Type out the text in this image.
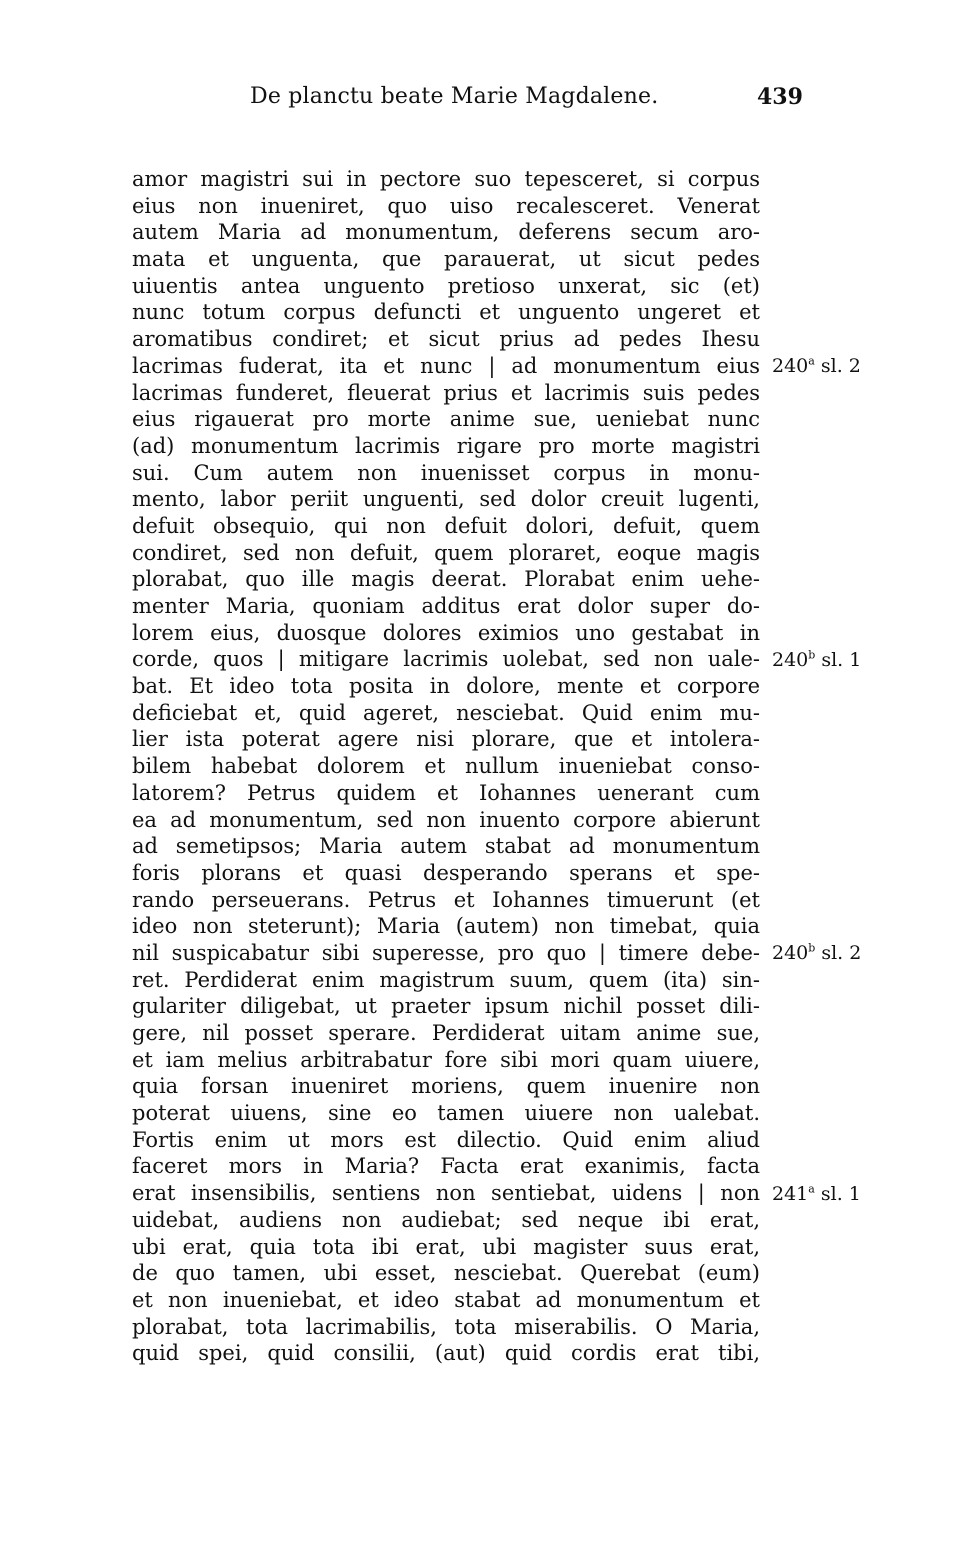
De planctu beate Marie Magdalene.	439
amor magistri sui in pectore suo tepesceret, si corpus
eius non inueniret, quo uiso recalesceret. Venerat
autem Maria ad monumentum, deferens secum aro-
mata et unguenta, que parauerat, ut sicut pedes
uiuentis antea unguento pretioso unxerat, sic (et)
nunc totum corpus defuncti et unguento ungeret et
aromatibus condiret; et sicut prius ad pedes Ihesu
lacrimas fuderat, ita et nunc | ad monumentum eius
lacrimas funderet, fleuerat prius et lacrimis suis pedes
eius rigauerat pro morte anime sue, ueniebat nunc
(ad) monumentum lacrimis rigare pro morte magistri
sui. Cum autem non inuenisset corpus in monu-
mento, labor periit unguenti, sed dolor creuit lugenti,
defuit obsequio, qui non defuit dolori, defuit, quem
condiret, sed non defuit, quem ploraret, eoque magis
plorabat, quo ille magis deerat. Plorabat enim uehe-
menter Maria, quoniam additus erat dolor super do-
lorem eius, duosque dolores eximios uno gestabat in
corde, quos | mitigare lacrimis uolebat, sed non uale-
bat. Et ideo tota posita in dolore, mente et corpore
deficiebat et, quid ageret, nesciebat. Quid enim mu-
lier ista poterat agere nisi plorare, que et intolera-
bilem habebat dolorem et nullum inueniebat conso-
latorem? Petrus quidem et Iohannes uenerant cum
ea ad monumentum, sed non inuento corpore abierunt
ad semetipsos; Maria autem stabat ad monumentum
foris plorans et quasi desperando sperans et spe-
rando perseuerans. Petrus et Iohannes timuerunt (et
ideo non steterunt); Maria (autem) non timebat, quia
nil suspicabatur sibi superesse, pro quo | timere debe-
ret. Perdiderat enim magistrum suum, quem (ita) sin-
gulariter diligebat, ut praeter ipsum nichil posset dili-
gere, nil posset sperare. Perdiderat uitam anime sue,
et iam melius arbitrabatur fore sibi mori quam uiuere,
quia forsan inueniret moriens, quem inuenire non
poterat uiuens, sine eo tamen uiuere non ualebat.
Fortis enim ut mors est dilectio. Quid enim aliud
faceret mors in Maria? Facta erat exanimis, facta
erat insensibilis, sentiens non sentiebat, uidens | non
uidebat, audiens non audiebat; sed neque ibi erat,
ubi erat, quia tota ibi erat, ubi magister suus erat,
de quo tamen, ubi esset, nesciebat. Querebat (eum)
et non inueniebat, et ideo stabat ad monumentum et
plorabat, tota lacrimabilis, tota miserabilis. O Maria,
quid spei, quid consilii, (aut) quid cordis erat tibi,
240$^a$ sl. 2
240$^b$ sl. 1
240$^b$ sl. 2
241$^a$ sl. 1
